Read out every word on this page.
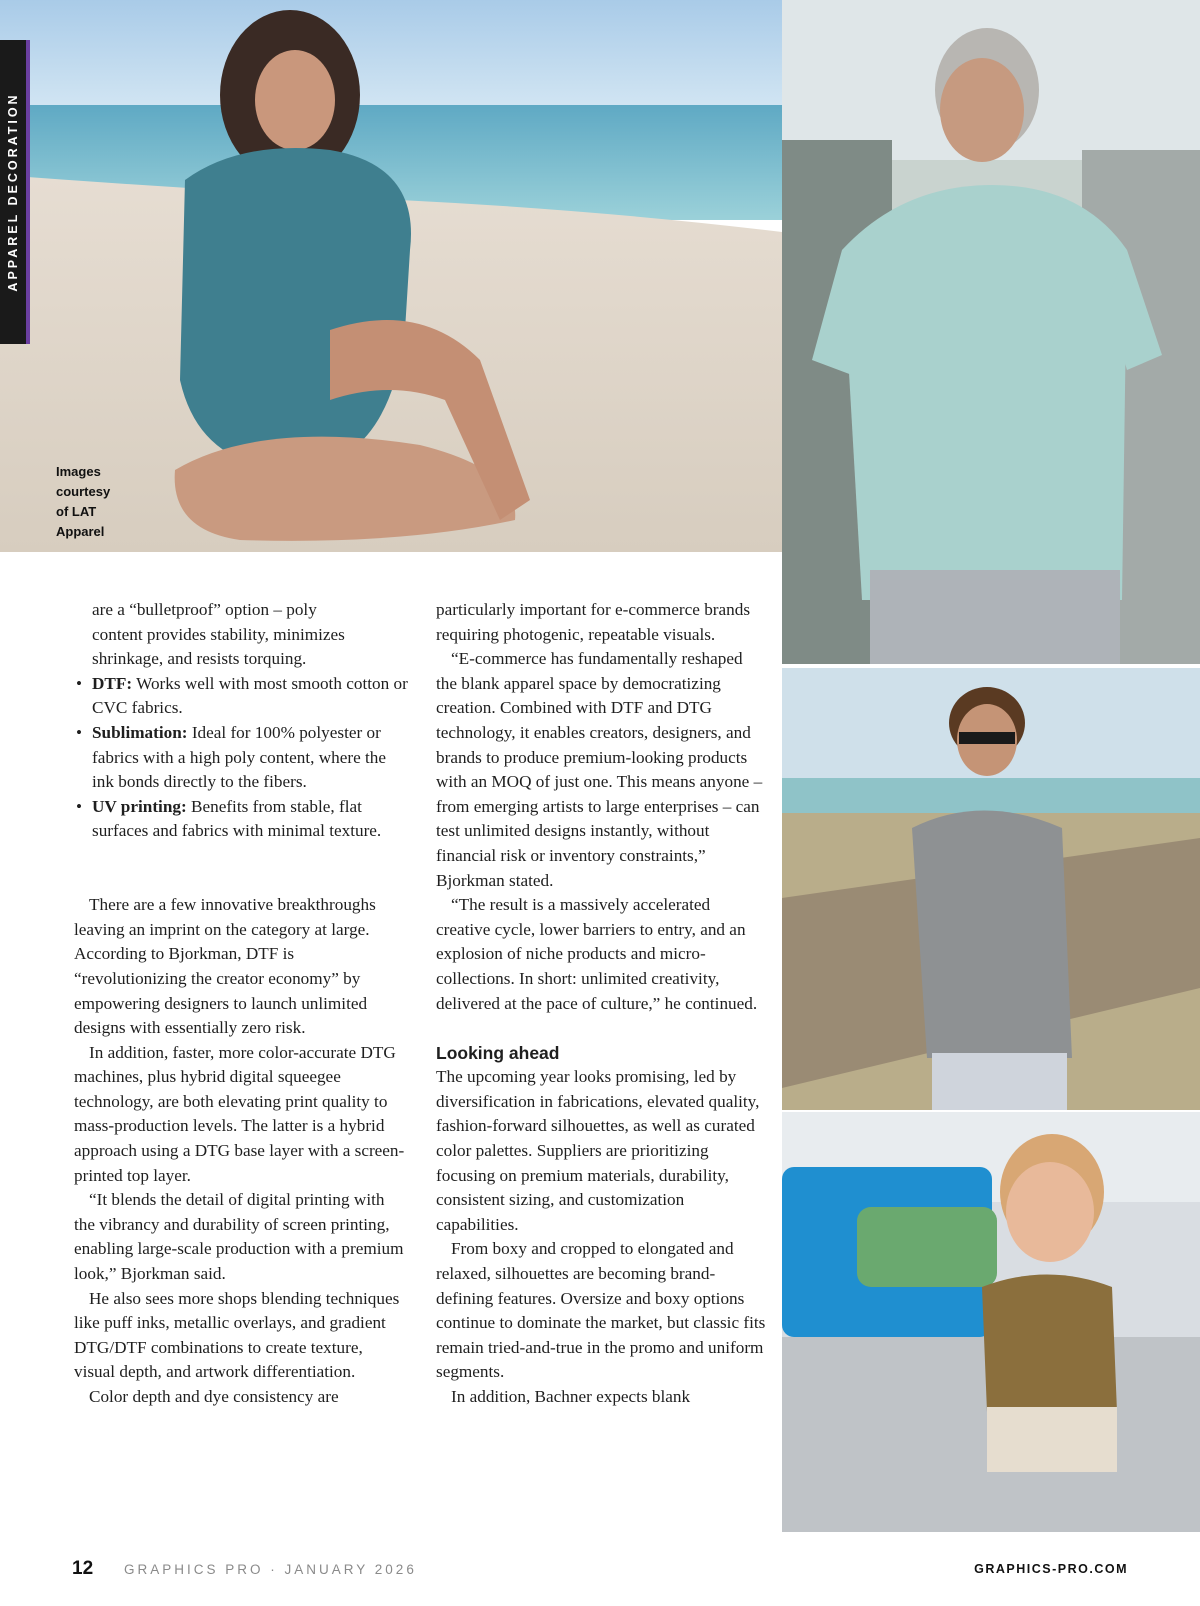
APPAREL DECORATION
Images
courtesy
of LAT
Apparel

are a “bulletproof” option – poly

content provides stability, minimizes

shrinkage, and resists torquing.

• DTF: Works well with most smooth cotton or CVC fabrics.
• Sublimation: Ideal for 100% polyester or fabrics with a high poly content, where the ink bonds directly to the fibers.
• UV printing: Benefits from stable, flat surfaces and fabrics with minimal texture.

There are a few innovative breakthroughs leaving an imprint on the category at large. According to Bjorkman, DTF is “revolutionizing the creator economy” by empowering designers to launch unlimited designs with essentially zero risk.

In addition, faster, more color-accurate DTG machines, plus hybrid digital squeegee technology, are both elevating print quality to mass-production levels. The latter is a hybrid approach using a DTG base layer with a screen-printed top layer.

“It blends the detail of digital printing with the vibrancy and durability of screen printing, enabling large-scale production with a premium look,” Bjorkman said.

He also sees more shops blending techniques like puff inks, metallic overlays, and gradient DTG/DTF combinations to create texture, visual depth, and artwork differentiation.

Color depth and dye consistency are

particularly important for e-commerce brands requiring photogenic, repeatable visuals.

“E-commerce has fundamentally reshaped the blank apparel space by democratizing creation. Combined with DTF and DTG technology, it enables creators, designers, and brands to produce premium-looking products with an MOQ of just one. This means anyone – from emerging artists to large enterprises – can test unlimited designs instantly, without financial risk or inventory constraints,” Bjorkman stated.

“The result is a massively accelerated creative cycle, lower barriers to entry, and an explosion of niche products and micro-collections. In short: unlimited creativity, delivered at the pace of culture,” he continued.

Looking ahead

The upcoming year looks promising, led by diversification in fabrications, elevated quality, fashion-forward silhouettes, as well as curated color palettes. Suppliers are prioritizing focusing on premium materials, durability, consistent sizing, and customization capabilities.

From boxy and cropped to elongated and relaxed, silhouettes are becoming brand-defining features. Oversize and boxy options continue to dominate the market, but classic fits remain tried-and-true in the promo and uniform segments.

In addition, Bachner expects blank

12 GRAPHICS PRO · JANUARY 2026	GRAPHICS-PRO.COM
